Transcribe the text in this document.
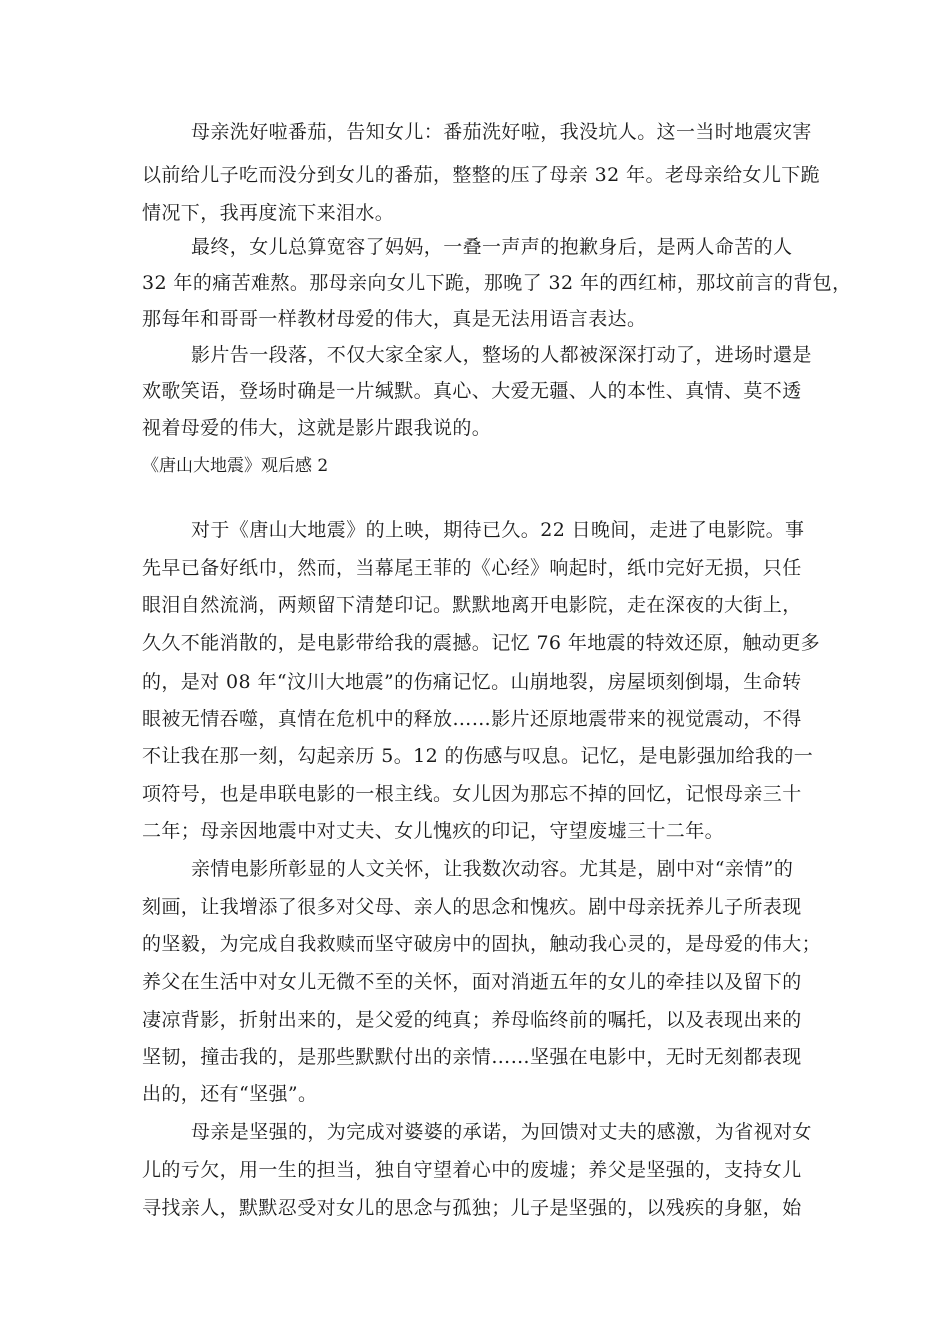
母亲洗好啦番茄，告知女儿：番茄洗好啦，我没坑人。这一当时地震灾害
以前给儿子吃而没分到女儿的番茄，整整的压了母亲 32 年。老母亲给女儿下跪
情况下，我再度流下来泪水。
最终，女儿总算宽容了妈妈，一叠一声声的抱歉身后，是两人命苦的人
32 年的痛苦难熬。那母亲向女儿下跪，那晚了 32 年的西红柿，那坟前言的背包，
那每年和哥哥一样教材母爱的伟大，真是无法用语言表达。
影片告一段落，不仅大家全家人，整场的人都被深深打动了，进场时還是
欢歌笑语，登场时确是一片缄默。真心、大爱无疆、人的本性、真情、莫不透
视着母爱的伟大，这就是影片跟我说的。
《唐山大地震》观后感 2
对于《唐山大地震》的上映，期待已久。22 日晚间，走进了电影院。事
先早已备好纸巾，然而，当幕尾王菲的《心经》响起时，纸巾完好无损，只任
眼泪自然流淌，两颊留下清楚印记。默默地离开电影院，走在深夜的大街上，
久久不能消散的，是电影带给我的震撼。记忆 76 年地震的特效还原，触动更多
的，是对 08 年“汶川大地震”的伤痛记忆。山崩地裂，房屋顷刻倒塌，生命转
眼被无情吞噬，真情在危机中的释放……影片还原地震带来的视觉震动，不得
不让我在那一刻，勾起亲历 5。12 的伤感与叹息。记忆，是电影强加给我的一
项符号，也是串联电影的一根主线。女儿因为那忘不掉的回忆，记恨母亲三十
二年；母亲因地震中对丈夫、女儿愧疚的印记，守望废墟三十二年。
亲情电影所彰显的人文关怀，让我数次动容。尤其是，剧中对“亲情”的
刻画，让我增添了很多对父母、亲人的思念和愧疚。剧中母亲抚养儿子所表现
的坚毅，为完成自我救赎而坚守破房中的固执，触动我心灵的，是母爱的伟大；
养父在生活中对女儿无微不至的关怀，面对消逝五年的女儿的牵挂以及留下的
凄凉背影，折射出来的，是父爱的纯真；养母临终前的嘱托，以及表现出来的
坚韧，撞击我的，是那些默默付出的亲情……坚强在电影中，无时无刻都表现
出的，还有“坚强”。
母亲是坚强的，为完成对婆婆的承诺，为回馈对丈夫的感激，为省视对女
儿的亏欠，用一生的担当，独自守望着心中的废墟；养父是坚强的，支持女儿
寻找亲人，默默忍受对女儿的思念与孤独；儿子是坚强的，以残疾的身躯，始
